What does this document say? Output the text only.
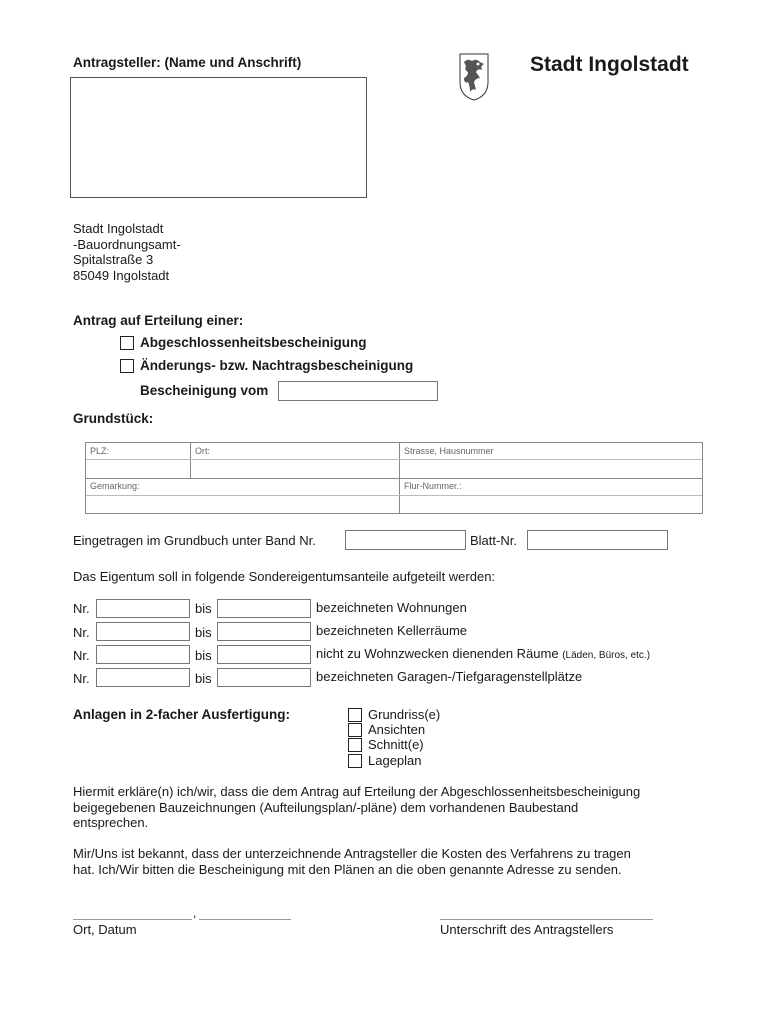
Antragsteller: (Name und Anschrift)	Stadt Ingolstadt
Stadt Ingolstadt
-Bauordnungsamt-
Spitalstraße 3
85049 Ingolstadt
Antrag auf Erteilung einer:
Abgeschlossenheitsbescheinigung
Änderungs- bzw. Nachtragsbescheinigung
Bescheinigung vom
Grundstück:
PLZ:	Ort:	Strasse, Hausnummer
Gemarkung:	Flur-Nummer.:
Eingetragen im Grundbuch unter Band Nr.	Blatt-Nr.
Das Eigentum soll in folgende Sondereigentumsanteile aufgeteilt werden:
Nr.	bis	bezeichneten Wohnungen
Nr.	bis	bezeichneten Kellerräume
Nr.	bis	nicht zu Wohnzwecken dienenden Räume (Läden, Büros, etc.)
Nr.	bis	bezeichneten Garagen-/Tiefgaragenstellplätze
Anlagen in 2-facher Ausfertigung:	Grundriss(e)
Ansichten
Schnitt(e)
Lageplan
Hiermit erkläre(n) ich/wir, dass die dem Antrag auf Erteilung der Abgeschlossenheitsbescheinigung
beigegebenen Bauzeichnungen (Aufteilungsplan/-pläne) dem vorhandenen Baubestand
entsprechen.
Mir/Uns ist bekannt, dass der unterzeichnende Antragsteller die Kosten des Verfahrens zu tragen
hat. Ich/Wir bitten die Bescheinigung mit den Plänen an die oben genannte Adresse zu senden.
,
Ort, Datum	Unterschrift des Antragstellers
